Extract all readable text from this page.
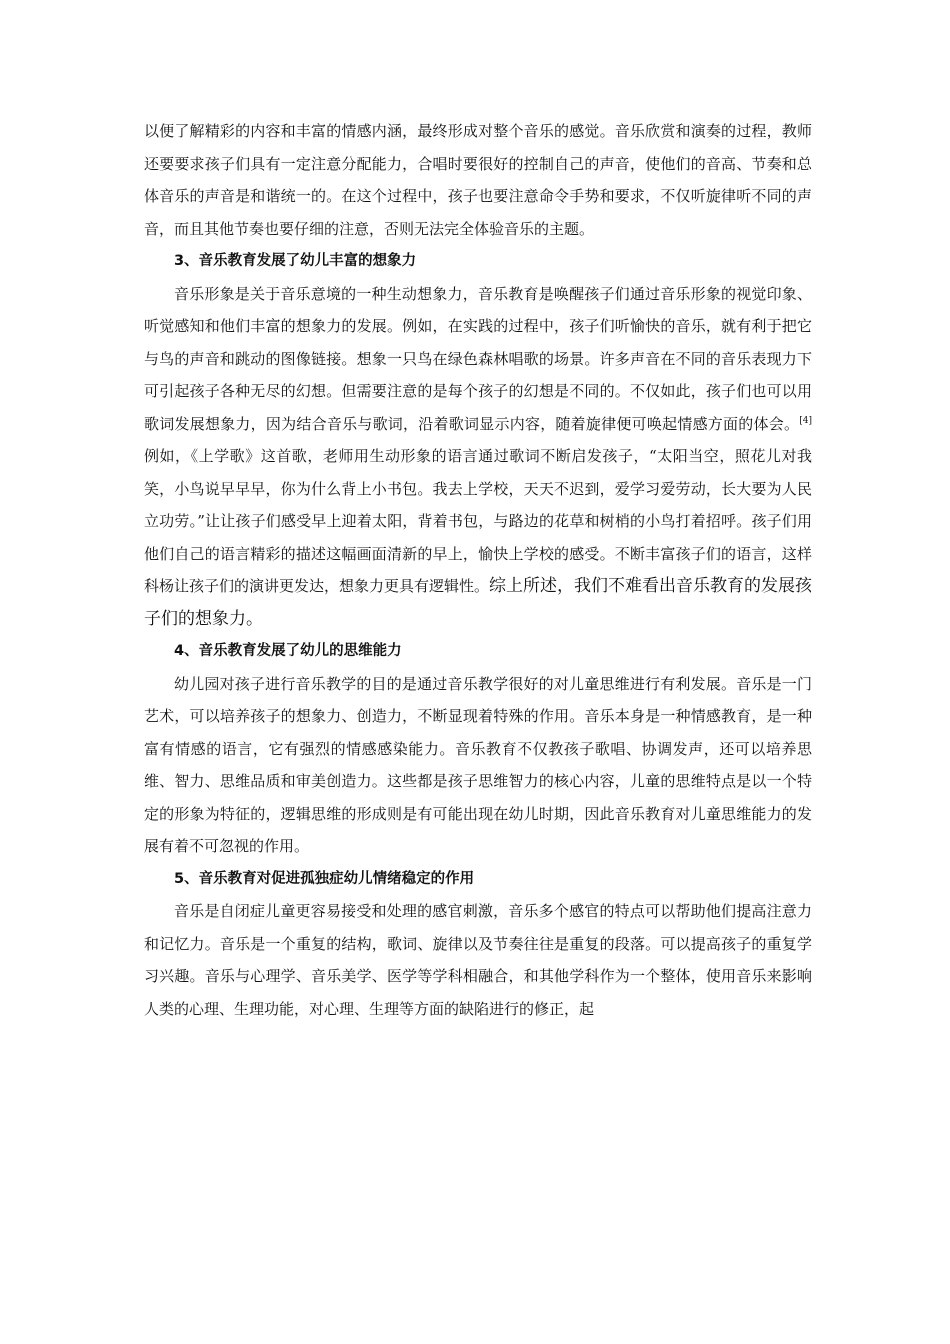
以便了解精彩的内容和丰富的情感内涵，最终形成对整个音乐的感觉。音乐欣赏和演奏的过程，教师还要要求孩子们具有一定注意分配能力，合唱时要很好的控制自己的声音，使他们的音高、节奏和总体音乐的声音是和谐统一的。在这个过程中，孩子也要注意命令手势和要求，不仅听旋律听不同的声音，而且其他节奏也要仔细的注意，否则无法完全体验音乐的主题。

3、音乐教育发展了幼儿丰富的想象力

音乐形象是关于音乐意境的一种生动想象力，音乐教育是唤醒孩子们通过音乐形象的视觉印象、听觉感知和他们丰富的想象力的发展。例如，在实践的过程中，孩子们听愉快的音乐，就有利于把它与鸟的声音和跳动的图像链接。想象一只鸟在绿色森林唱歌的场景。许多声音在不同的音乐表现力下可引起孩子各种无尽的幻想。但需要注意的是每个孩子的幻想是不同的。不仅如此，孩子们也可以用歌词发展想象力，因为结合音乐与歌词，沿着歌词显示内容，随着旋律便可唤起情感方面的体会。[4]例如，《上学歌》这首歌，老师用生动形象的语言通过歌词不断启发孩子，“太阳当空，照花儿对我笑，小鸟说早早早，你为什么背上小书包。我去上学校，天天不迟到，爱学习爱劳动，长大要为人民立功劳。”让让孩子们感受早上迎着太阳，背着书包，与路边的花草和树梢的小鸟打着招呼。孩子们用他们自己的语言精彩的描述这幅画面清新的早上，愉快上学校的感受。不断丰富孩子们的语言，这样科杨让孩子们的演讲更发达，想象力更具有逻辑性。综上所述，我们不难看出音乐教育的发展孩子们的想象力。

4、音乐教育发展了幼儿的思维能力

幼儿园对孩子进行音乐教学的目的是通过音乐教学很好的对儿童思维进行有利发展。音乐是一门艺术，可以培养孩子的想象力、创造力，不断显现着特殊的作用。音乐本身是一种情感教育，是一种富有情感的语言，它有强烈的情感感染能力。音乐教育不仅教孩子歌唱、协调发声，还可以培养思维、智力、思维品质和审美创造力。这些都是孩子思维智力的核心内容，儿童的思维特点是以一个特定的形象为特征的，逻辑思维的形成则是有可能出现在幼儿时期，因此音乐教育对儿童思维能力的发展有着不可忽视的作用。

5、音乐教育对促进孤独症幼儿情绪稳定的作用

音乐是自闭症儿童更容易接受和处理的感官刺激，音乐多个感官的特点可以帮助他们提高注意力和记忆力。音乐是一个重复的结构，歌词、旋律以及节奏往往是重复的段落。可以提高孩子的重复学习兴趣。音乐与心理学、音乐美学、医学等学科相融合，和其他学科作为一个整体，使用音乐来影响人类的心理、生理功能，对心理、生理等方面的缺陷进行的修正，起
